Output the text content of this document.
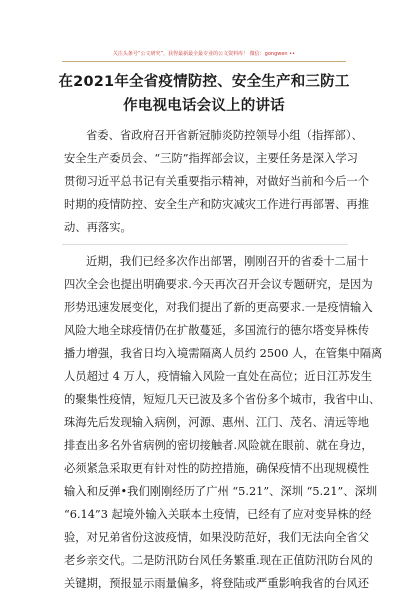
关注头条号“公文研究”，获得最新最全最专业的公文资料库！ 微信：gongwen ••
在2021年全省疫情防控、安全生产和三防工
作电视电话会议上的讲话
省委、省政府召开省新冠肺炎防控领导小组（指挥部）、
安全生产委员会、“三防”指挥部会议，主要任务是深入学习
贯彻习近平总书记有关重要指示精神，对做好当前和今后一个
时期的疫情防控、安全生产和防灾减灾工作进行再部署、再推
动、再落实。
近期，我们已经多次作出部署，刚刚召开的省委十二届十
四次全会也提出明确要求.今天再次召开会议专题研究，是因为
形势迅速发展变化，对我们提出了新的更高要求.一是疫情输入
风险大地全球疫情仍在扩散蔓延，多国流行的德尔塔变异株传
播力增强，我省日均入境需隔离人员约 2500 人，在管集中隔离
人员超过 4 万人，疫情输入风险一直处在高位；近日江苏发生
的聚集性疫情，短短几天已波及多个省份多个城市，我省中山、
珠海先后发现输入病例，河源、惠州、江门、茂名、清远等地
排查出多名外省病例的密切接触者.风险就在眼前、就在身边，
必须紧急采取更有针对性的防控措施，确保疫情不出现规模性
输入和反弹•我们刚刚经历了广州 “5.21”、深圳 “5.21”、深圳
“6.14”3 起境外输入关联本土疫情，已经有了应对变异株的经
验，对兄弟省份这波疫情，如果没防范好，我们无法向全省父
老乡亲交代。二是防汛防台风任务繁重.现在正值防汛防台风的
关键期，预报显示雨量偏多，将登陆或严重影响我省的台风还
